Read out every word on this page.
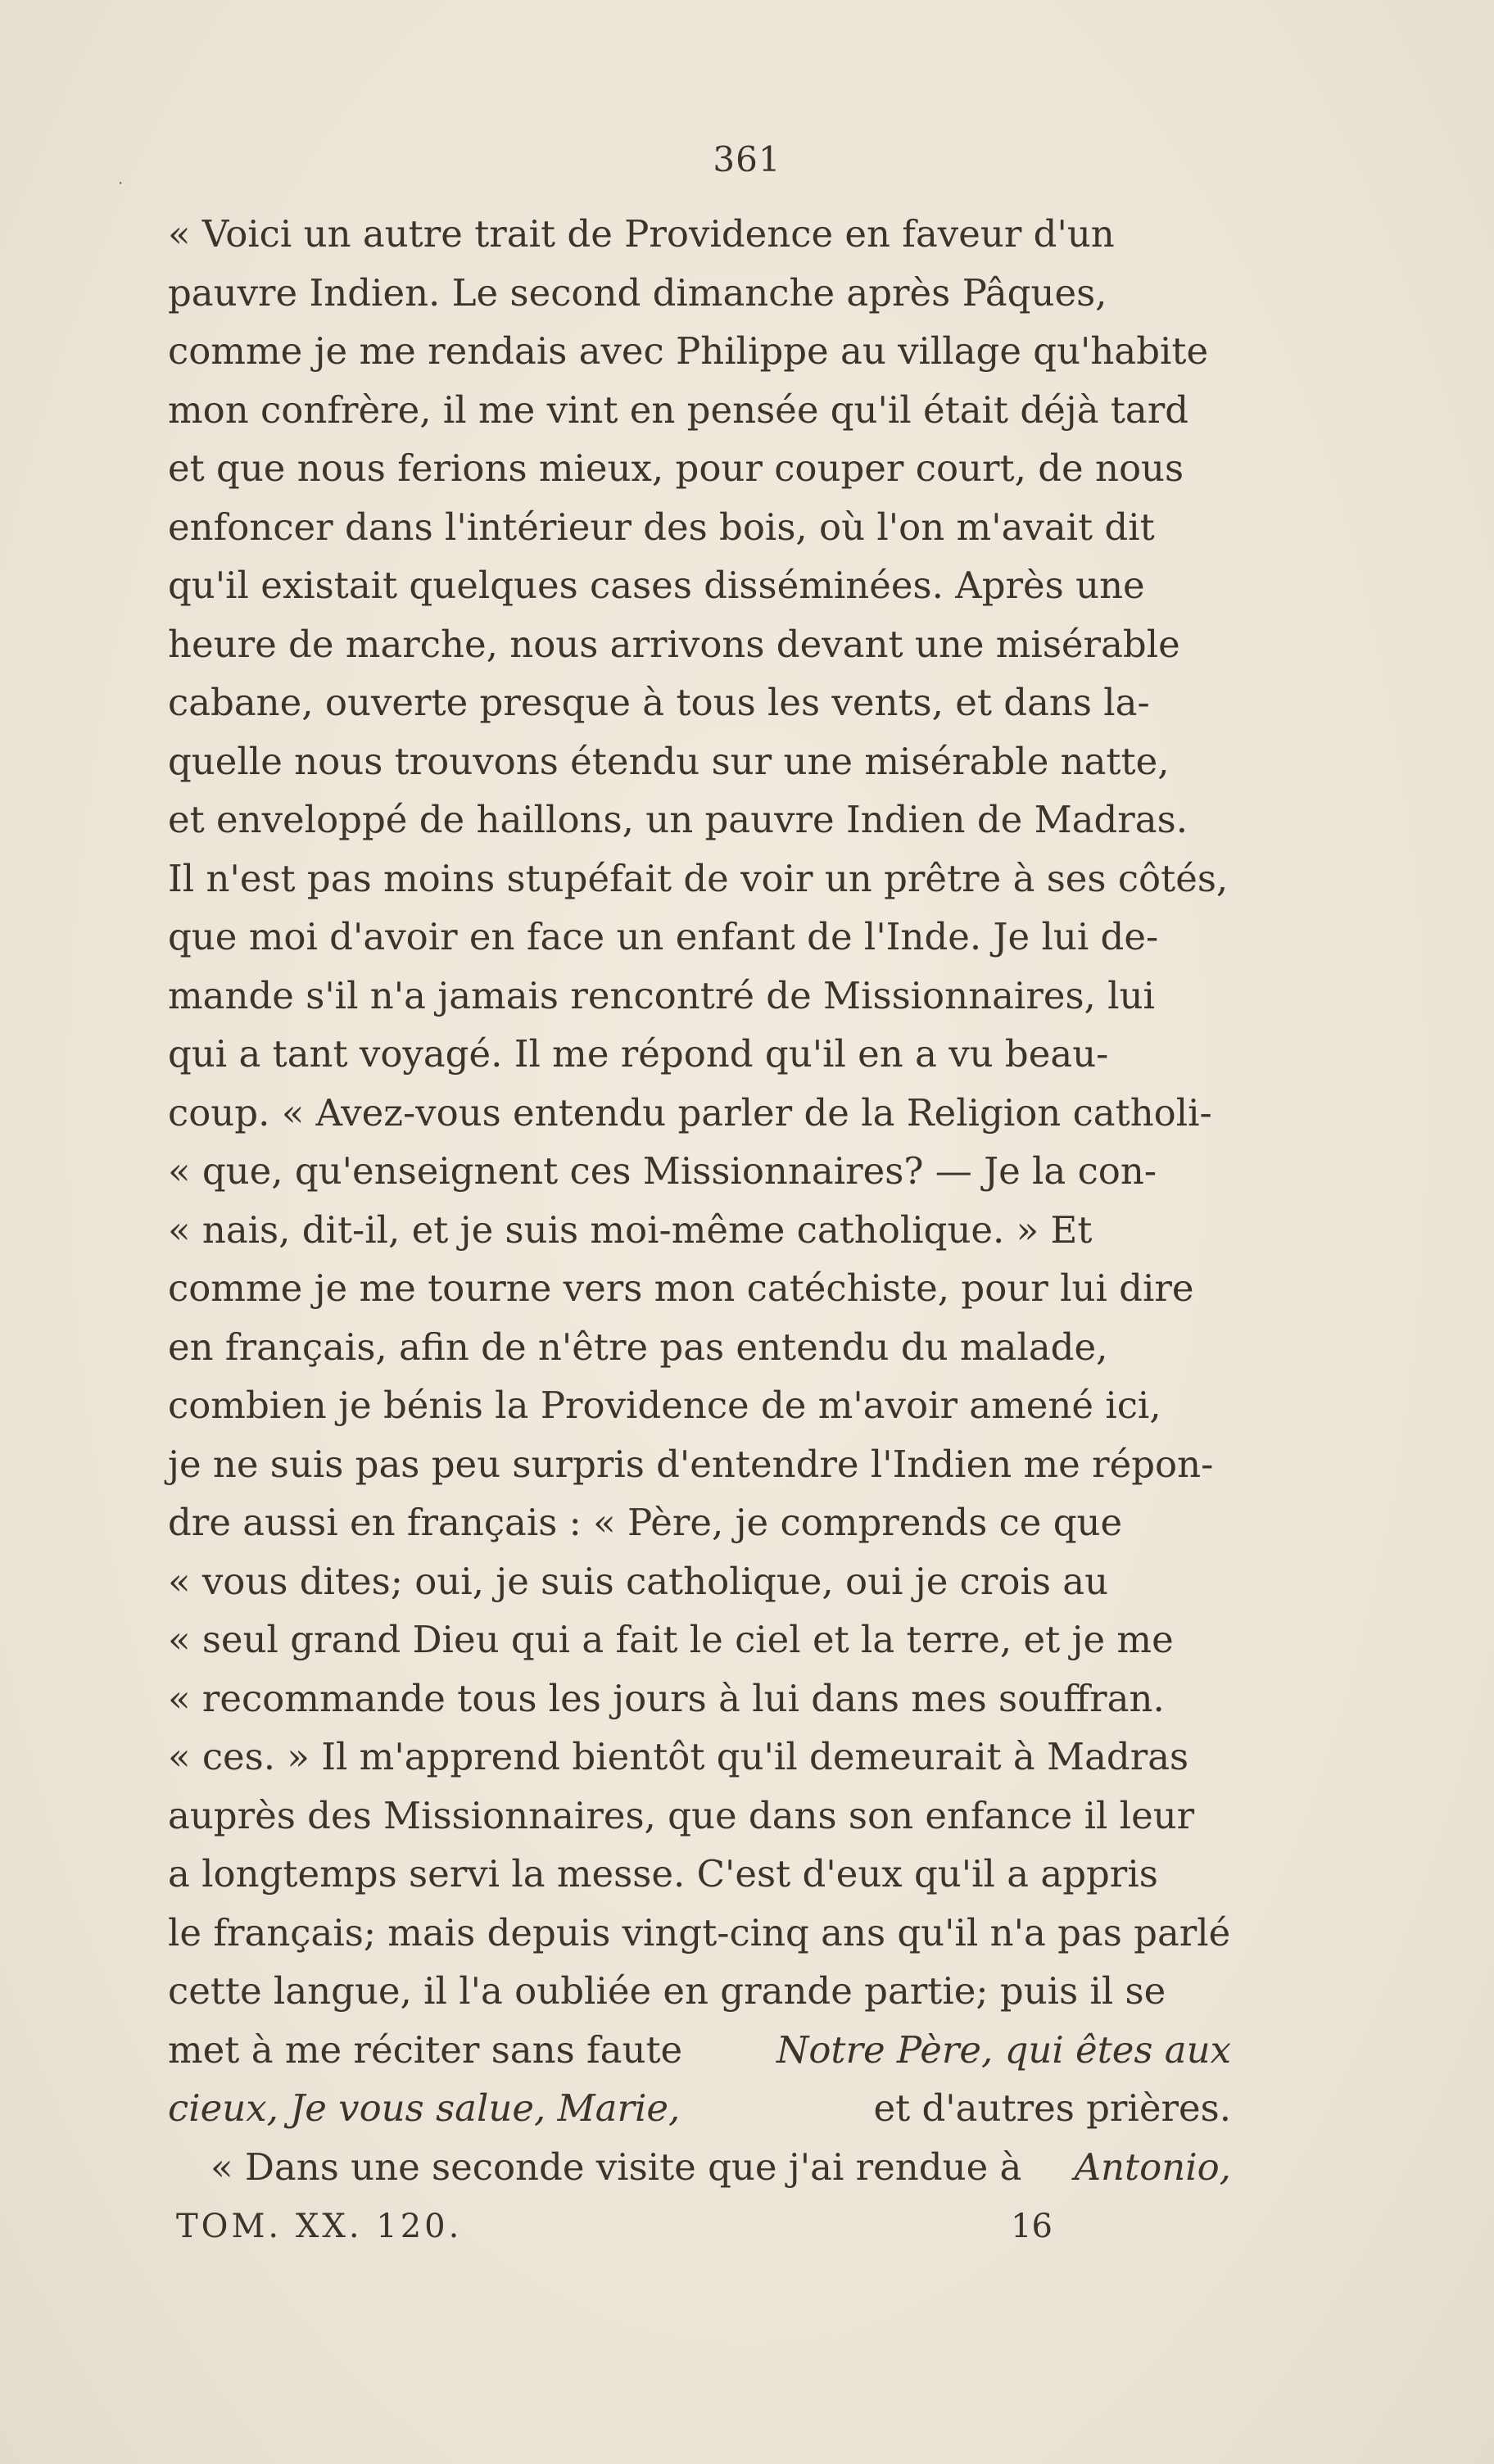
·
361
« Voici un autre trait de Providence en faveur d'un
pauvre Indien. Le second dimanche après Pâques,
comme je me rendais avec Philippe au village qu'habite
mon confrère, il me vint en pensée qu'il était déjà tard
et que nous ferions mieux, pour couper court, de nous
enfoncer dans l'intérieur des bois, où l'on m'avait dit
qu'il existait quelques cases disséminées. Après une
heure de marche, nous arrivons devant une misérable
cabane, ouverte presque à tous les vents, et dans la-
quelle nous trouvons étendu sur une misérable natte,
et enveloppé de haillons, un pauvre Indien de Madras.
Il n'est pas moins stupéfait de voir un prêtre à ses côtés,
que moi d'avoir en face un enfant de l'Inde. Je lui de-
mande s'il n'a jamais rencontré de Missionnaires, lui
qui a tant voyagé. Il me répond qu'il en a vu beau-
coup. « Avez-vous entendu parler de la Religion catholi-
« que, qu'enseignent ces Missionnaires? — Je la con-
« nais, dit-il, et je suis moi-même catholique. » Et
comme je me tourne vers mon catéchiste, pour lui dire
en français, afin de n'être pas entendu du malade,
combien je bénis la Providence de m'avoir amené ici,
je ne suis pas peu surpris d'entendre l'Indien me répon-
dre aussi en français : « Père, je comprends ce que
« vous dites; oui, je suis catholique, oui je crois au
« seul grand Dieu qui a fait le ciel et la terre, et je me
« recommande tous les jours à lui dans mes souffran.
« ces. » Il m'apprend bientôt qu'il demeurait à Madras
auprès des Missionnaires, que dans son enfance il leur
a longtemps servi la messe. C'est d'eux qu'il a appris
le français; mais depuis vingt-cinq ans qu'il n'a pas parlé
cette langue, il l'a oubliée en grande partie; puis il se
met à me réciter sans faute	Notre Père, qui êtes aux
cieux, Je vous salue, Marie,	et d'autres prières.
« Dans une seconde visite que j'ai rendue à Antonio,
TOM. XX. 120.	16
